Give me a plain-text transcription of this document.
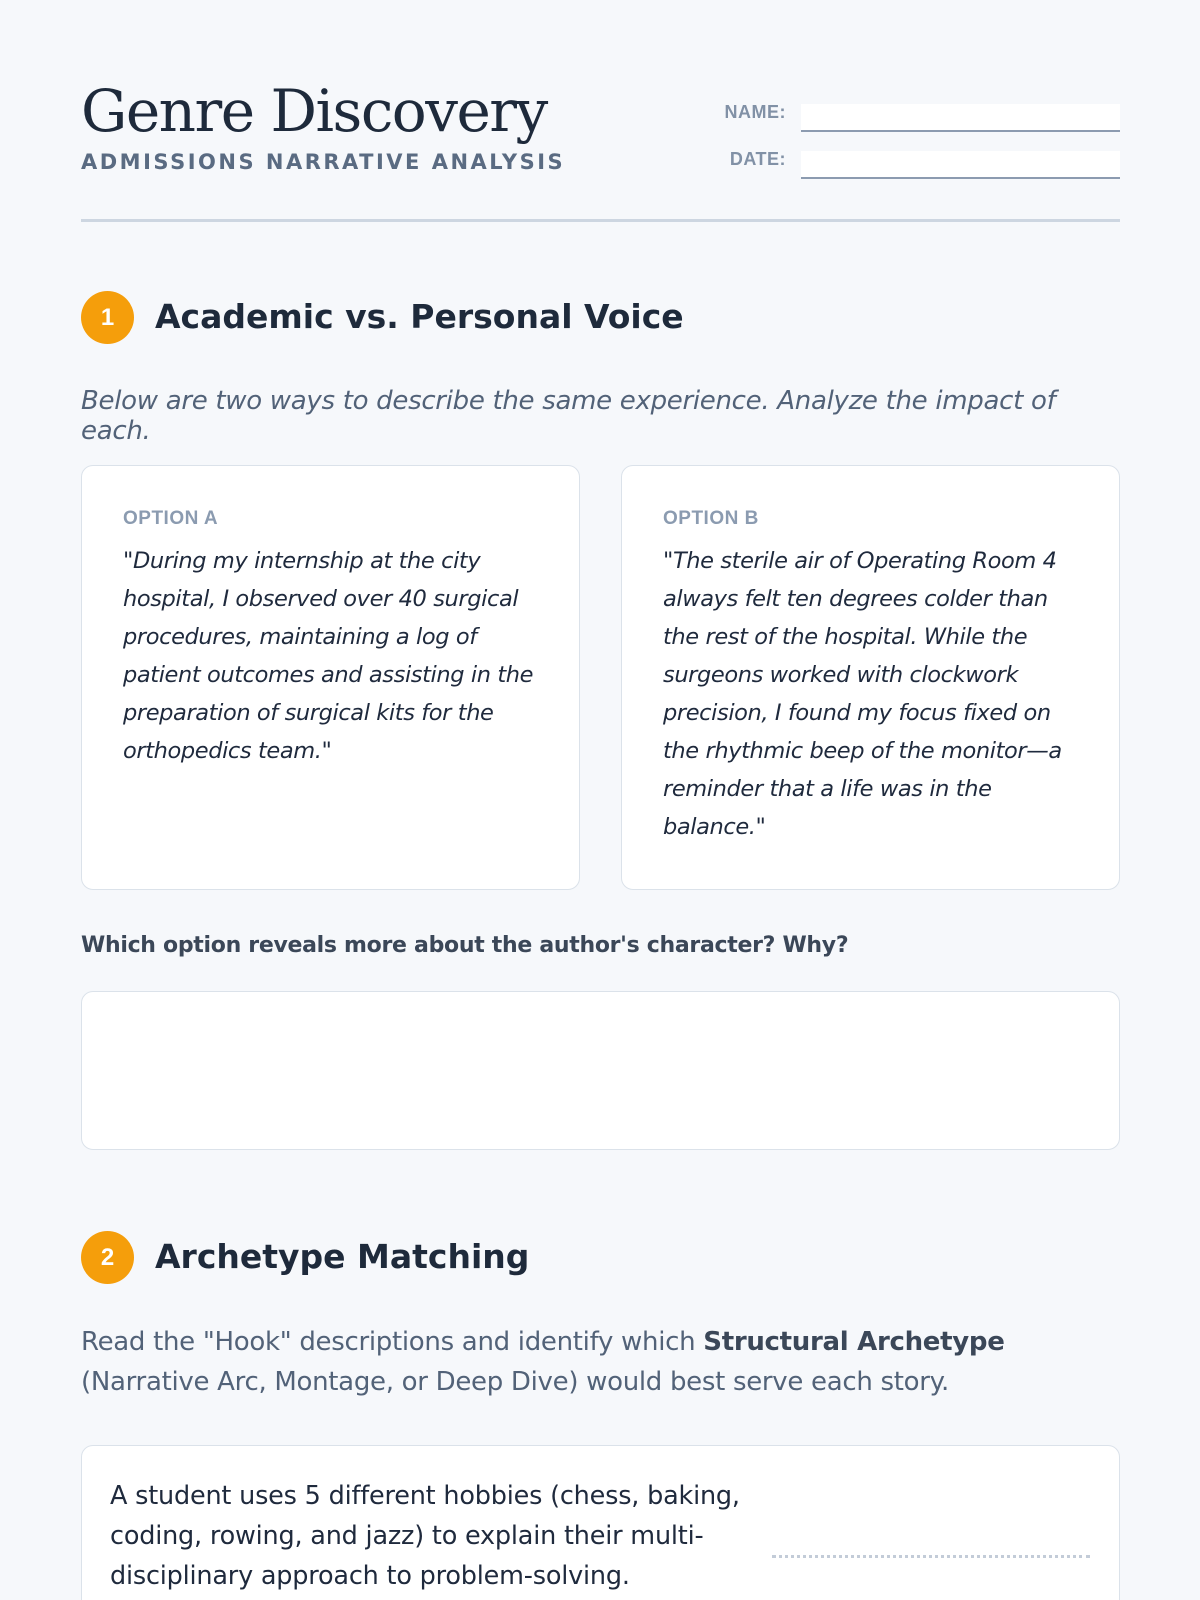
Genre Discovery
ADMISSIONS NARRATIVE ANALYSIS
NAME:
DATE:
1	Academic vs. Personal Voice
Below are two ways to describe the same experience. Analyze the impact of each.
OPTION A
"During my internship at the city hospital, I observed over 40 surgical procedures, maintaining a log of patient outcomes and assisting in the preparation of surgical kits for the orthopedics team."
OPTION B
"The sterile air of Operating Room 4 always felt ten degrees colder than the rest of the hospital. While the surgeons worked with clockwork precision, I found my focus fixed on the rhythmic beep of the monitor—a reminder that a life was in the balance."
Which option reveals more about the author's character? Why?
2	Archetype Matching
Read the "Hook" descriptions and identify which Structural Archetype (Narrative Arc, Montage, or Deep Dive) would best serve each story.
A student uses 5 different hobbies (chess, baking, coding, rowing, and jazz) to explain their multi-disciplinary approach to problem-solving.
